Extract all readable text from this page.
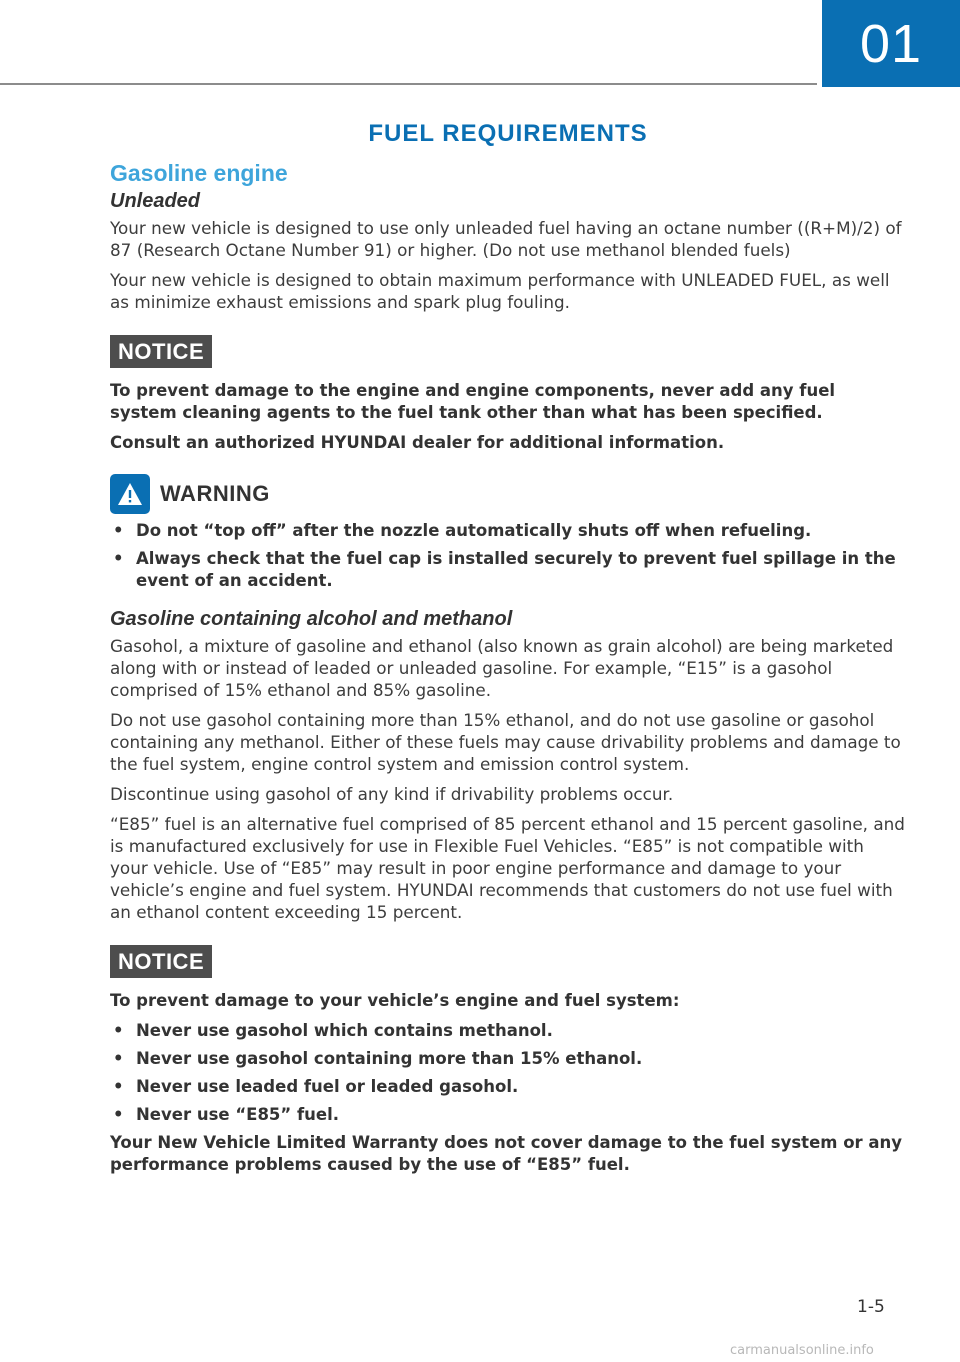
01
FUEL REQUIREMENTS
Gasoline engine
Unleaded

Your new vehicle is designed to use only unleaded fuel having an octane number ((R+M)/2) of 87 (Research Octane Number 91) or higher. (Do not use methanol blended fuels)

Your new vehicle is designed to obtain maximum performance with UNLEADED FUEL, as well as minimize exhaust emissions and spark plug fouling.

NOTICE
To prevent damage to the engine and engine components, never add any fuel system cleaning agents to the fuel tank other than what has been specified.
Consult an authorized HYUNDAI dealer for additional information.
WARNING
• Do not “top off” after the nozzle automatically shuts off when refueling.
• Always check that the fuel cap is installed securely to prevent fuel spillage in the event of an accident.
Gasoline containing alcohol and methanol

Gasohol, a mixture of gasoline and ethanol (also known as grain alcohol) are being marketed along with or instead of leaded or unleaded gasoline. For example, “E15” is a gasohol comprised of 15% ethanol and 85% gasoline.

Do not use gasohol containing more than 15% ethanol, and do not use gasoline or gasohol containing any methanol. Either of these fuels may cause drivability problems and damage to the fuel system, engine control system and emission control system.

Discontinue using gasohol of any kind if drivability problems occur.

“E85” fuel is an alternative fuel comprised of 85 percent ethanol and 15 percent gasoline, and is manufactured exclusively for use in Flexible Fuel Vehicles. “E85” is not compatible with your vehicle. Use of “E85” may result in poor engine performance and damage to your vehicle’s engine and fuel system. HYUNDAI recommends that customers do not use fuel with an ethanol content exceeding 15 percent.

NOTICE
To prevent damage to your vehicle’s engine and fuel system:
• Never use gasohol which contains methanol.
• Never use gasohol containing more than 15% ethanol.
• Never use leaded fuel or leaded gasohol.
• Never use “E85” fuel.
Your New Vehicle Limited Warranty does not cover damage to the fuel system or any performance problems caused by the use of “E85” fuel.
1-5
carmanualsonline.info
